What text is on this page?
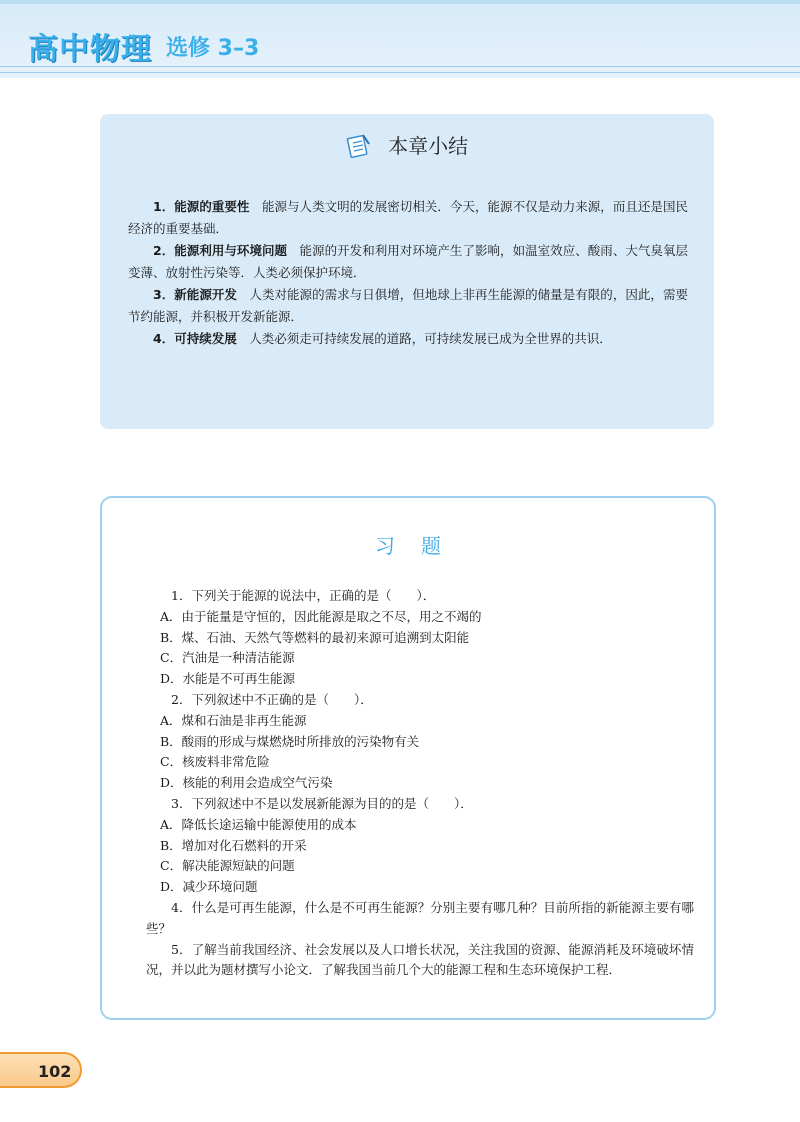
高中物理 选修 3–3
本章小结

1．能源的重要性 能源与人类文明的发展密切相关．今天，能源不仅是动力来源，而且还是国民经济的重要基础．

2．能源利用与环境问题 能源的开发和利用对环境产生了影响，如温室效应、酸雨、大气臭氧层变薄、放射性污染等．人类必须保护环境．

3．新能源开发 人类对能源的需求与日俱增，但地球上非再生能源的储量是有限的，因此，需要节约能源，并积极开发新能源．

4．可持续发展 人类必须走可持续发展的道路，可持续发展已成为全世界的共识．

习题

1．下列关于能源的说法中，正确的是（　　）．

A．由于能量是守恒的，因此能源是取之不尽，用之不竭的

B．煤、石油、天然气等燃料的最初来源可追溯到太阳能

C．汽油是一种清洁能源

D．水能是不可再生能源

2．下列叙述中不正确的是（　　）．

A．煤和石油是非再生能源

B．酸雨的形成与煤燃烧时所排放的污染物有关

C．核废料非常危险

D．核能的利用会造成空气污染

3．下列叙述中不是以发展新能源为目的的是（　　）．

A．降低长途运输中能源使用的成本

B．增加对化石燃料的开采

C．解决能源短缺的问题

D．减少环境问题

4．什么是可再生能源，什么是不可再生能源？分别主要有哪几种？目前所指的新能源主要有哪些？

5．了解当前我国经济、社会发展以及人口增长状况，关注我国的资源、能源消耗及环境破坏情况，并以此为题材撰写小论文．了解我国当前几个大的能源工程和生态环境保护工程．

102
